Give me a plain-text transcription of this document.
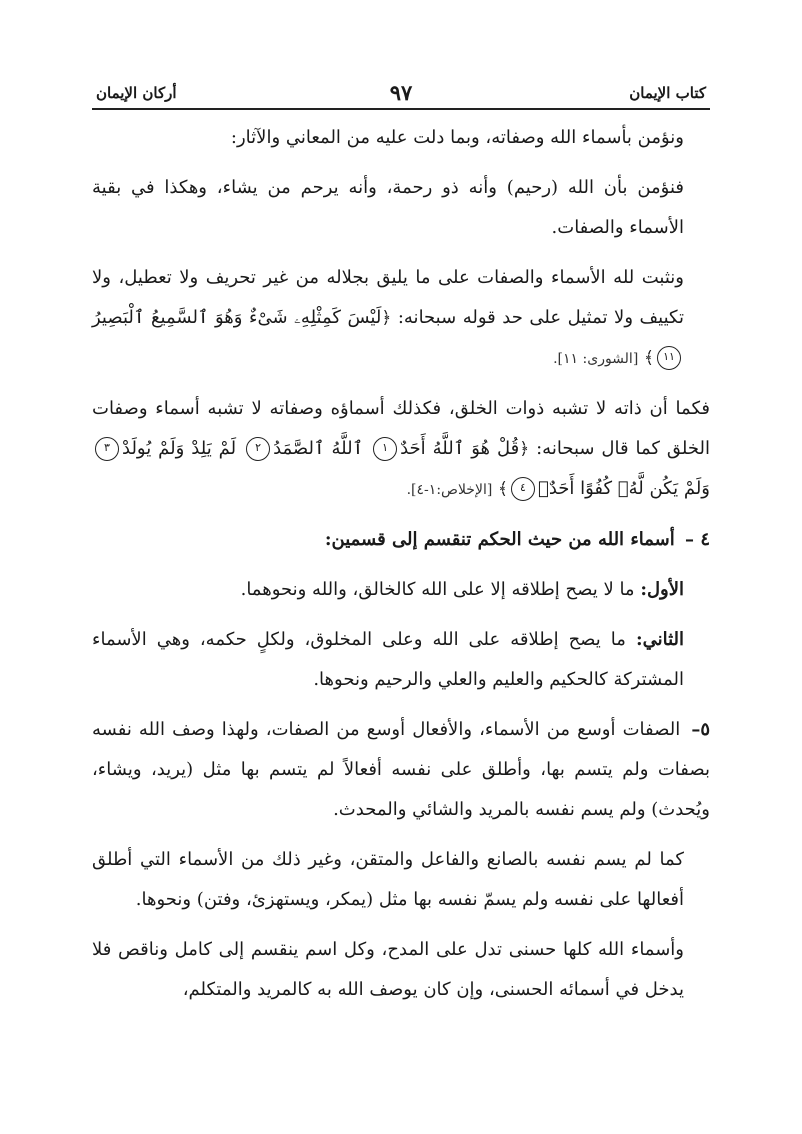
كتاب الإيمان
٩٧
أركان الإيمان

ونؤمن بأسماء الله وصفاته، وبما دلت عليه من المعاني والآثار:

فنؤمن بأن الله (رحيم) وأنه ذو رحمة، وأنه يرحم من يشاء، وهكذا في بقية الأسماء والصفات.

ونثبت لله الأسماء والصفات على ما يليق بجلاله من غير تحريف ولا تعطيل، ولا تكييف ولا تمثيل على حد قوله سبحانه: ﴿لَيْسَ كَمِثْلِهِۦ شَىْءٌ وَهُوَ ٱلسَّمِيعُ ٱلْبَصِيرُ١١﴾ [الشورى: ١١].

فكما أن ذاته لا تشبه ذوات الخلق، فكذلك أسماؤه وصفاته لا تشبه أسماء وصفات الخلق كما قال سبحانه: ﴿قُلْ هُوَ ٱللَّهُ أَحَدٌ١ ٱللَّهُ ٱلصَّمَدُ٢ لَمْ يَلِدْ وَلَمْ يُولَدْ٣ وَلَمْ يَكُن لَّهُۥ كُفُوًا أَحَدٌۢ٤﴾ [الإخلاص:١-٤].

٤ – أسماء الله من حيث الحكم تنقسم إلى قسمين:

الأول: ما لا يصح إطلاقه إلا على الله كالخالق، والله ونحوهما.

الثاني: ما يصح إطلاقه على الله وعلى المخلوق، ولكلٍ حكمه، وهي الأسماء المشتركة كالحكيم والعليم والعلي والرحيم ونحوها.

٥– الصفات أوسع من الأسماء، والأفعال أوسع من الصفات، ولهذا وصف الله نفسه بصفات ولم يتسم بها، وأطلق على نفسه أفعالاً لم يتسم بها مثل (يريد، ويشاء، ويُحدث) ولم يسم نفسه بالمريد والشائي والمحدث.

كما لم يسم نفسه بالصانع والفاعل والمتقن، وغير ذلك من الأسماء التي أطلق أفعالها على نفسه ولم يسمّ نفسه بها مثل (يمكر، ويستهزئ، وفتن) ونحوها.

وأسماء الله كلها حسنى تدل على المدح، وكل اسم ينقسم إلى كامل وناقص فلا يدخل في أسمائه الحسنى، وإن كان يوصف الله به كالمريد والمتكلم،
